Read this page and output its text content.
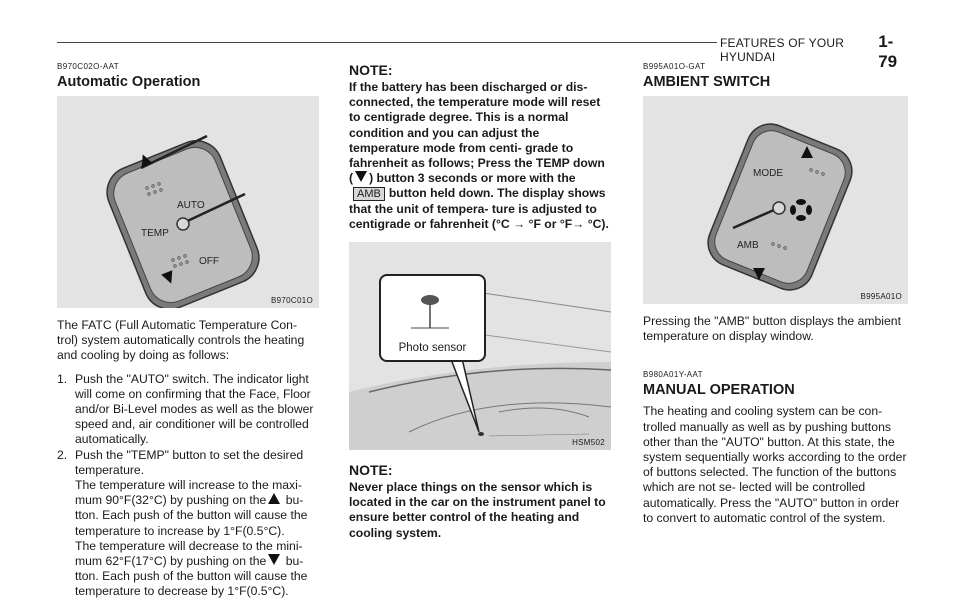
FEATURES OF YOUR HYUNDAI
1- 79
B970C02O-AAT
Automatic Operation
AUTO
TEMP
OFF
B970C01O

The FATC (Full Automatic Temperature Con- trol) system automatically controls the heating and cooling by doing as follows:

1. Push the "AUTO" switch. The indicator light will come on confirming that the Face, Floor and/or Bi-Level modes as well as the blower speed and, air conditioner will be controlled automatically.
2. Push the "TEMP" button to set the desired temperature.
The temperature will increase to the maxi- mum 90°F(32°C) by pushing on the bu- tton. Each push of the button will cause the temperature to increase by 1°F(0.5°C).
The temperature will decrease to the mini- mum 62°F(17°C) by pushing on the bu- tton. Each push of the button will cause the temperature to decrease by 1°F(0.5°C).
NOTE:

If the battery has been discharged or dis- connected, the temperature mode will reset to centigrade degree. This is a normal condition and you can adjust the temperature mode from centi- grade to fahrenheit as follows; Press the TEMP down ( ) button 3 seconds or more with theAMB button held down. The display shows that the unit of tempera- ture is adjusted to centigrade or fahrenheit (°C → °F or °F→ °C).

Photo sensor
HSM502
NOTE:

Never place things on the sensor which is located in the car on the instrument panel to ensure better control of the heating and cooling system.

B995A01O-GAT
AMBIENT SWITCH
MODE
AMB
B995A01O

Pressing the "AMB" button displays the ambient temperature on display window.

B980A01Y-AAT
MANUAL OPERATION

The heating and cooling system can be con- trolled manually as well as by pushing buttons other than the "AUTO" button. At this state, the system sequentially works according to the order of buttons selected. The function of the buttons which are not se- lected will be controlled automatically. Press the "AUTO" button in order to convert to automatic control of the system.
